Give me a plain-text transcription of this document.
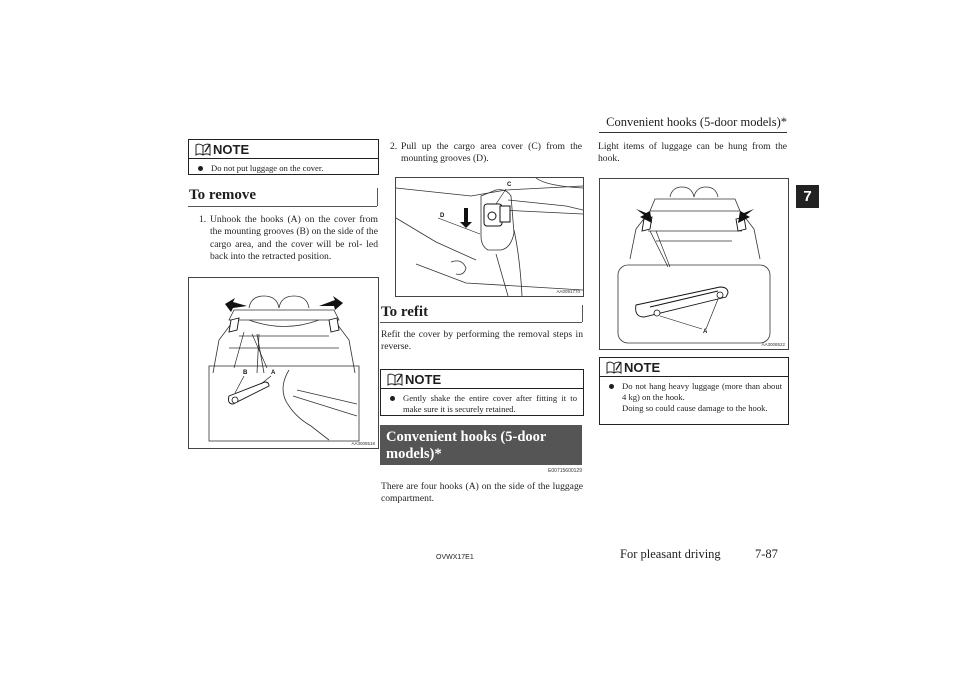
Convenient hooks (5-door models)*
7
NOTE
Do not put luggage on the cover.
To remove
1. Unhook the hooks (A) on the cover from the mounting grooves (B) on the side of the cargo area, and the cover will be rol- led back into the retracted position.
B	A
AA3008518
2. Pull up the cargo area cover (C) from the mounting grooves (D).
C
D
AA0091770
To refit
Refit the cover by performing the removal steps in reverse.
NOTE
Gently shake the entire cover after fitting it to make sure it is securely retained.
Convenient hooks (5-door models)*
E00715600129
There are four hooks (A) on the side of the luggage compartment.
Light items of luggage can be hung from the hook.
A
AA3008522
NOTE
Do not hang heavy luggage (more than about 4 kg) on the hook.
Doing so could cause damage to the hook.
OVWX17E1	For pleasant driving	7-87
